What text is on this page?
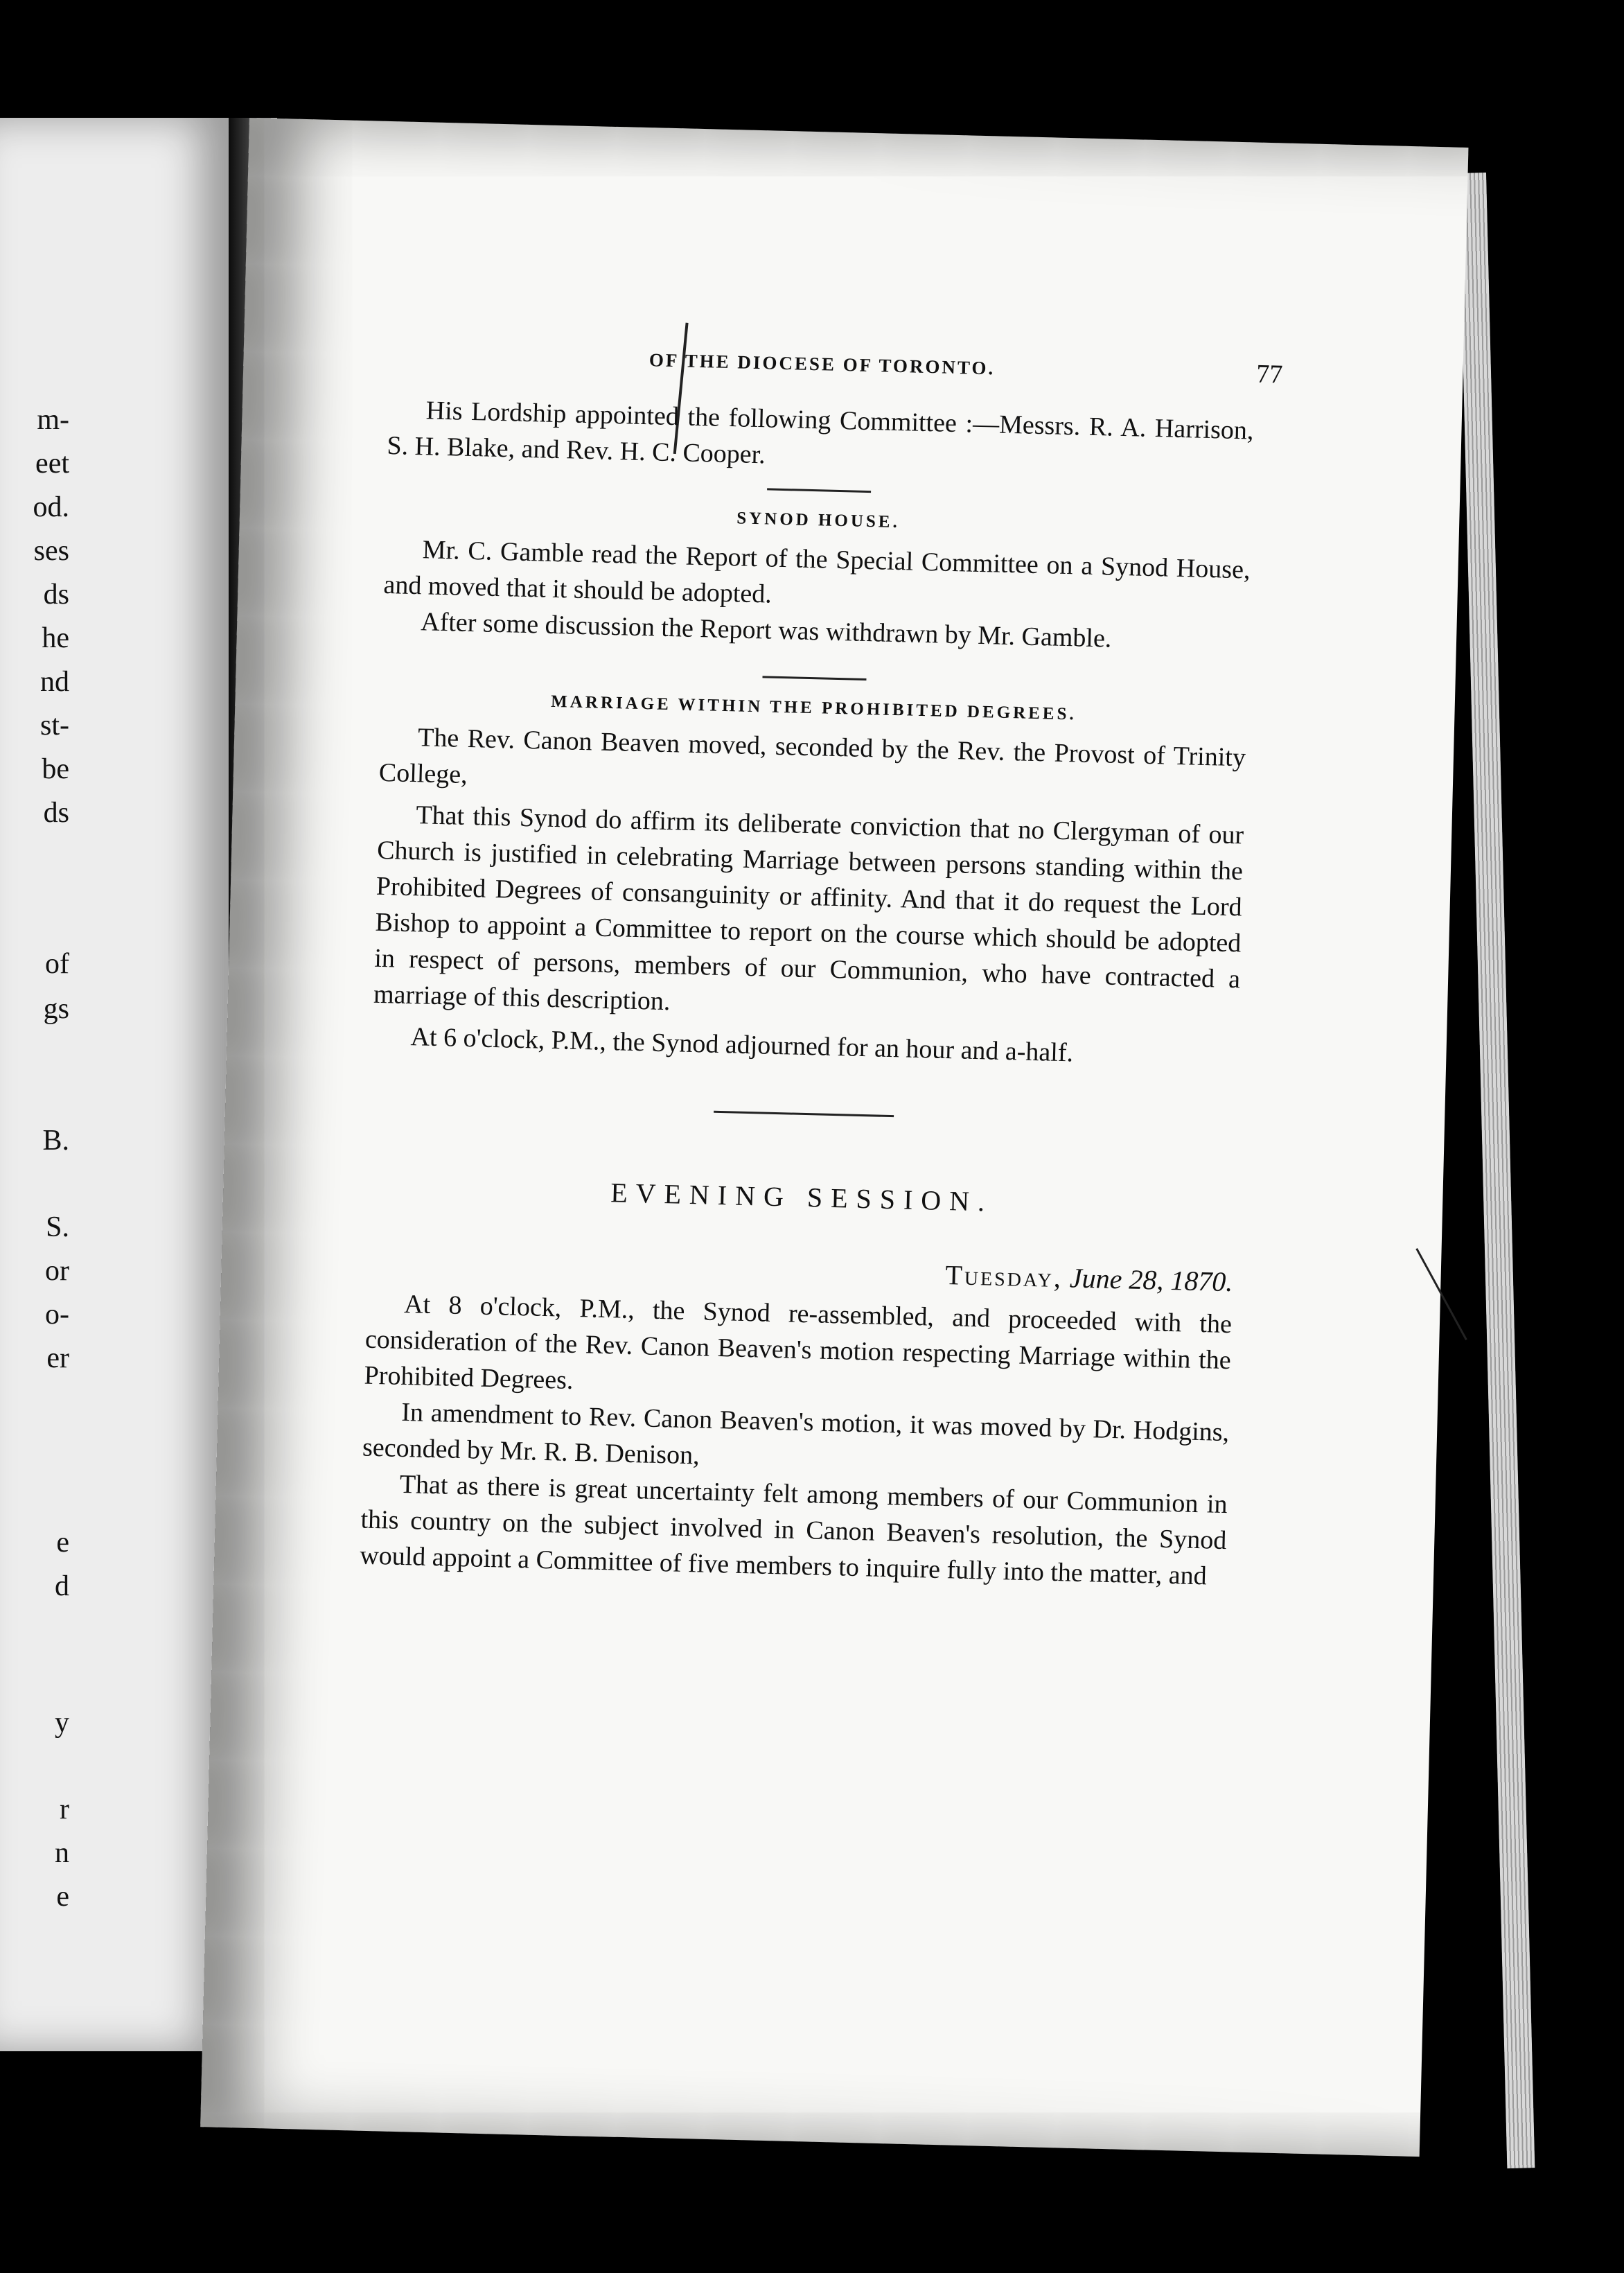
m-
eet
od.
ses
ds
he
nd
st-
be
ds
of
gs
B.
S.
or
o-
er
e
d
y
r
n
e
OF THE DIOCESE OF TORONTO.	77

His Lordship appointed the following Committee :—Messrs. R. A. Harrison, S. H. Blake, and Rev. H. C. Cooper.

SYNOD HOUSE.

Mr. C. Gamble read the Report of the Special Committee on a Synod House, and moved that it should be adopted.

After some discussion the Report was withdrawn by Mr. Gamble.

MARRIAGE WITHIN THE PROHIBITED DEGREES.

The Rev. Canon Beaven moved, seconded by the Rev. the Provost of Trinity College,

That this Synod do affirm its deliberate conviction that no Clergyman of our Church is justified in celebrating Marriage between persons standing within the Prohibited Degrees of consanguinity or affinity. And that it do request the Lord Bishop to appoint a Committee to report on the course which should be adopted in respect of persons, members of our Communion, who have contracted a marriage of this description.

At 6 o'clock, P.M., the Synod adjourned for an hour and a-half.

EVENING SESSION.
Tuesday, June 28, 1870.

At 8 o'clock, P.M., the Synod re-assembled, and proceeded with the consideration of the Rev. Canon Beaven's motion respecting Marriage within the Prohibited Degrees.

In amendment to Rev. Canon Beaven's motion, it was moved by Dr. Hodgins, seconded by Mr. R. B. Denison,

That as there is great uncertainty felt among members of our Communion in this country on the subject involved in Canon Beaven's resolution, the Synod would appoint a Committee of five members to inquire fully into the matter, and
